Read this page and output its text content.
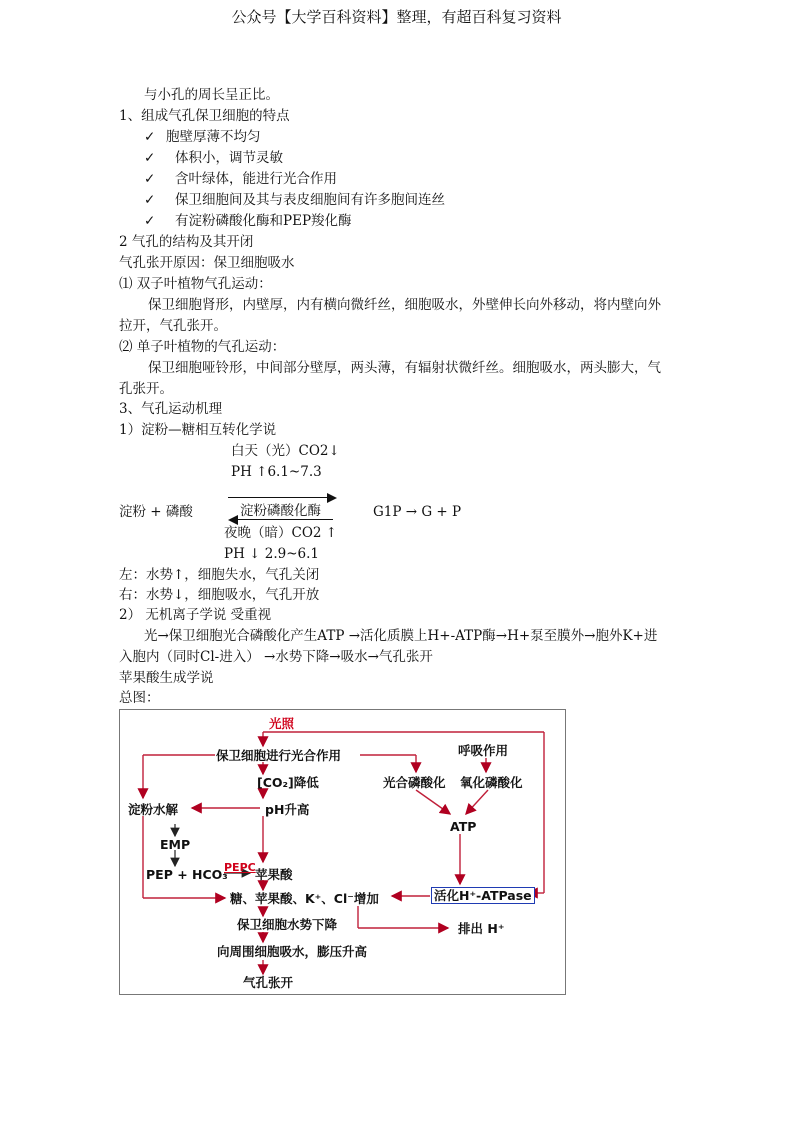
公众号【大学百科资料】整理，有超百科复习资料
与小孔的周长呈正比。
1、组成气孔保卫细胞的特点
✓ 胞壁厚薄不均匀
✓ 体积小，调节灵敏
✓ 含叶绿体，能进行光合作用
✓ 保卫细胞间及其与表皮细胞间有许多胞间连丝
✓ 有淀粉磷酸化酶和PEP羧化酶
2 气孔的结构及其开闭
气孔张开原因：保卫细胞吸水
⑴ 双子叶植物气孔运动：
保卫细胞肾形，内壁厚，内有横向微纤丝，细胞吸水，外壁伸长向外移动，将内壁向外
拉开，气孔张开。
⑵ 单子叶植物的气孔运动：
保卫细胞哑铃形，中间部分壁厚，两头薄，有辐射状微纤丝。细胞吸水，两头膨大，气
孔张开。
3、气孔运动机理
1）淀粉—糖相互转化学说
白天（光）CO2↓
PH ↑6.1~7.3
淀粉 + 磷酸	淀粉磷酸化酶	G1P → G + P
夜晚（暗）CO2 ↑
PH ↓ 2.9~6.1
左：水势↑，细胞失水，气孔关闭
右：水势↓，细胞吸水，气孔开放
2） 无机离子学说 受重视
光→保卫细胞光合磷酸化产生ATP →活化质膜上H+-ATP酶→H+泵至膜外→胞外K+进
入胞内（同时Cl-进入） →水势下降→吸水→气孔张开
苹果酸生成学说
总图：
光照
保卫细胞进行光合作用	呼吸作用
[CO₂]降低	光合磷酸化 氧化磷酸化
淀粉水解	pH升高
ATP
EMP
PEP + HCO₃⁻
PEPC 苹果酸
糖、苹果酸、K⁺、Cl⁻增加	活化H⁺-ATPase
保卫细胞水势下降	排出 H⁺
向周围细胞吸水，膨压升高
气孔张开
